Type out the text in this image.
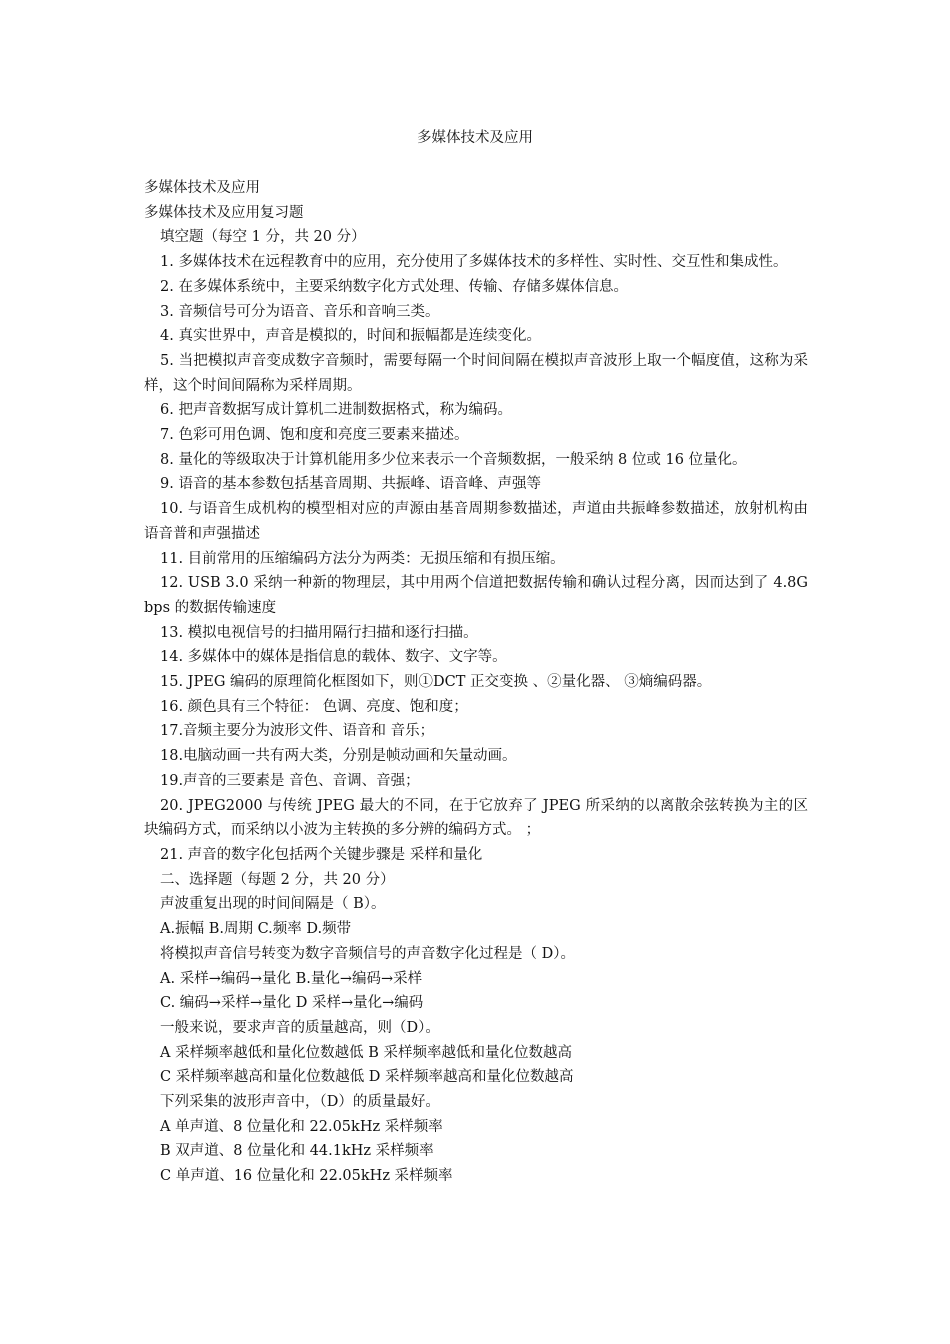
多媒体技术及应用
多媒体技术及应用
多媒体技术及应用复习题
填空题（每空 1 分，共 20 分）
1. 多媒体技术在远程教育中的应用，充分使用了多媒体技术的多样性、实时性、交互性和集成性。
2. 在多媒体系统中，主要采纳数字化方式处理、传输、存储多媒体信息。
3. 音频信号可分为语音、音乐和音响三类。
4. 真实世界中，声音是模拟的，时间和振幅都是连续变化。
5. 当把模拟声音变成数字音频时，需要每隔一个时间间隔在模拟声音波形上取一个幅度值，这称为采样，这个时间间隔称为采样周期。
6. 把声音数据写成计算机二进制数据格式，称为编码。
7. 色彩可用色调、饱和度和亮度三要素来描述。
8. 量化的等级取决于计算机能用多少位来表示一个音频数据，一般采纳 8 位或 16 位量化。
9. 语音的基本参数包括基音周期、共振峰、语音峰、声强等
10. 与语音生成机构的模型相对应的声源由基音周期参数描述，声道由共振峰参数描述，放射机构由语音普和声强描述
11. 目前常用的压缩编码方法分为两类：无损压缩和有损压缩。
12. USB 3.0 采纳一种新的物理层，其中用两个信道把数据传输和确认过程分离，因而达到了 4.8Gbps 的数据传输速度
13. 模拟电视信号的扫描用隔行扫描和逐行扫描。
14. 多媒体中的媒体是指信息的载体、数字、文字等。
15. JPEG 编码的原理简化框图如下，则①DCT 正交变换 、②量化器、 ③熵编码器。
16. 颜色具有三个特征： 色调、亮度、饱和度；
17.音频主要分为波形文件、语音和 音乐；
18.电脑动画一共有两大类，分别是帧动画和矢量动画。
19.声音的三要素是 音色、音调、音强；
20. JPEG2000 与传统 JPEG 最大的不同，在于它放弃了 JPEG 所采纳的以离散余弦转换为主的区块编码方式，而采纳以小波为主转换的多分辨的编码方式。 ；
21. 声音的数字化包括两个关键步骤是 采样和量化
二、选择题（每题 2 分，共 20 分）
声波重复出现的时间间隔是（ B）。
A.振幅 B.周期 C.频率 D.频带
将模拟声音信号转变为数字音频信号的声音数字化过程是（ D）。
A. 采样→编码→量化 B.量化→编码→采样
C. 编码→采样→量化 D 采样→量化→编码
一般来说，要求声音的质量越高，则（D）。
A 采样频率越低和量化位数越低 B 采样频率越低和量化位数越高
C 采样频率越高和量化位数越低 D 采样频率越高和量化位数越高
下列采集的波形声音中，（D）的质量最好。
A 单声道、8 位量化和 22.05kHz 采样频率
B 双声道、8 位量化和 44.1kHz 采样频率
C 单声道、16 位量化和 22.05kHz 采样频率
